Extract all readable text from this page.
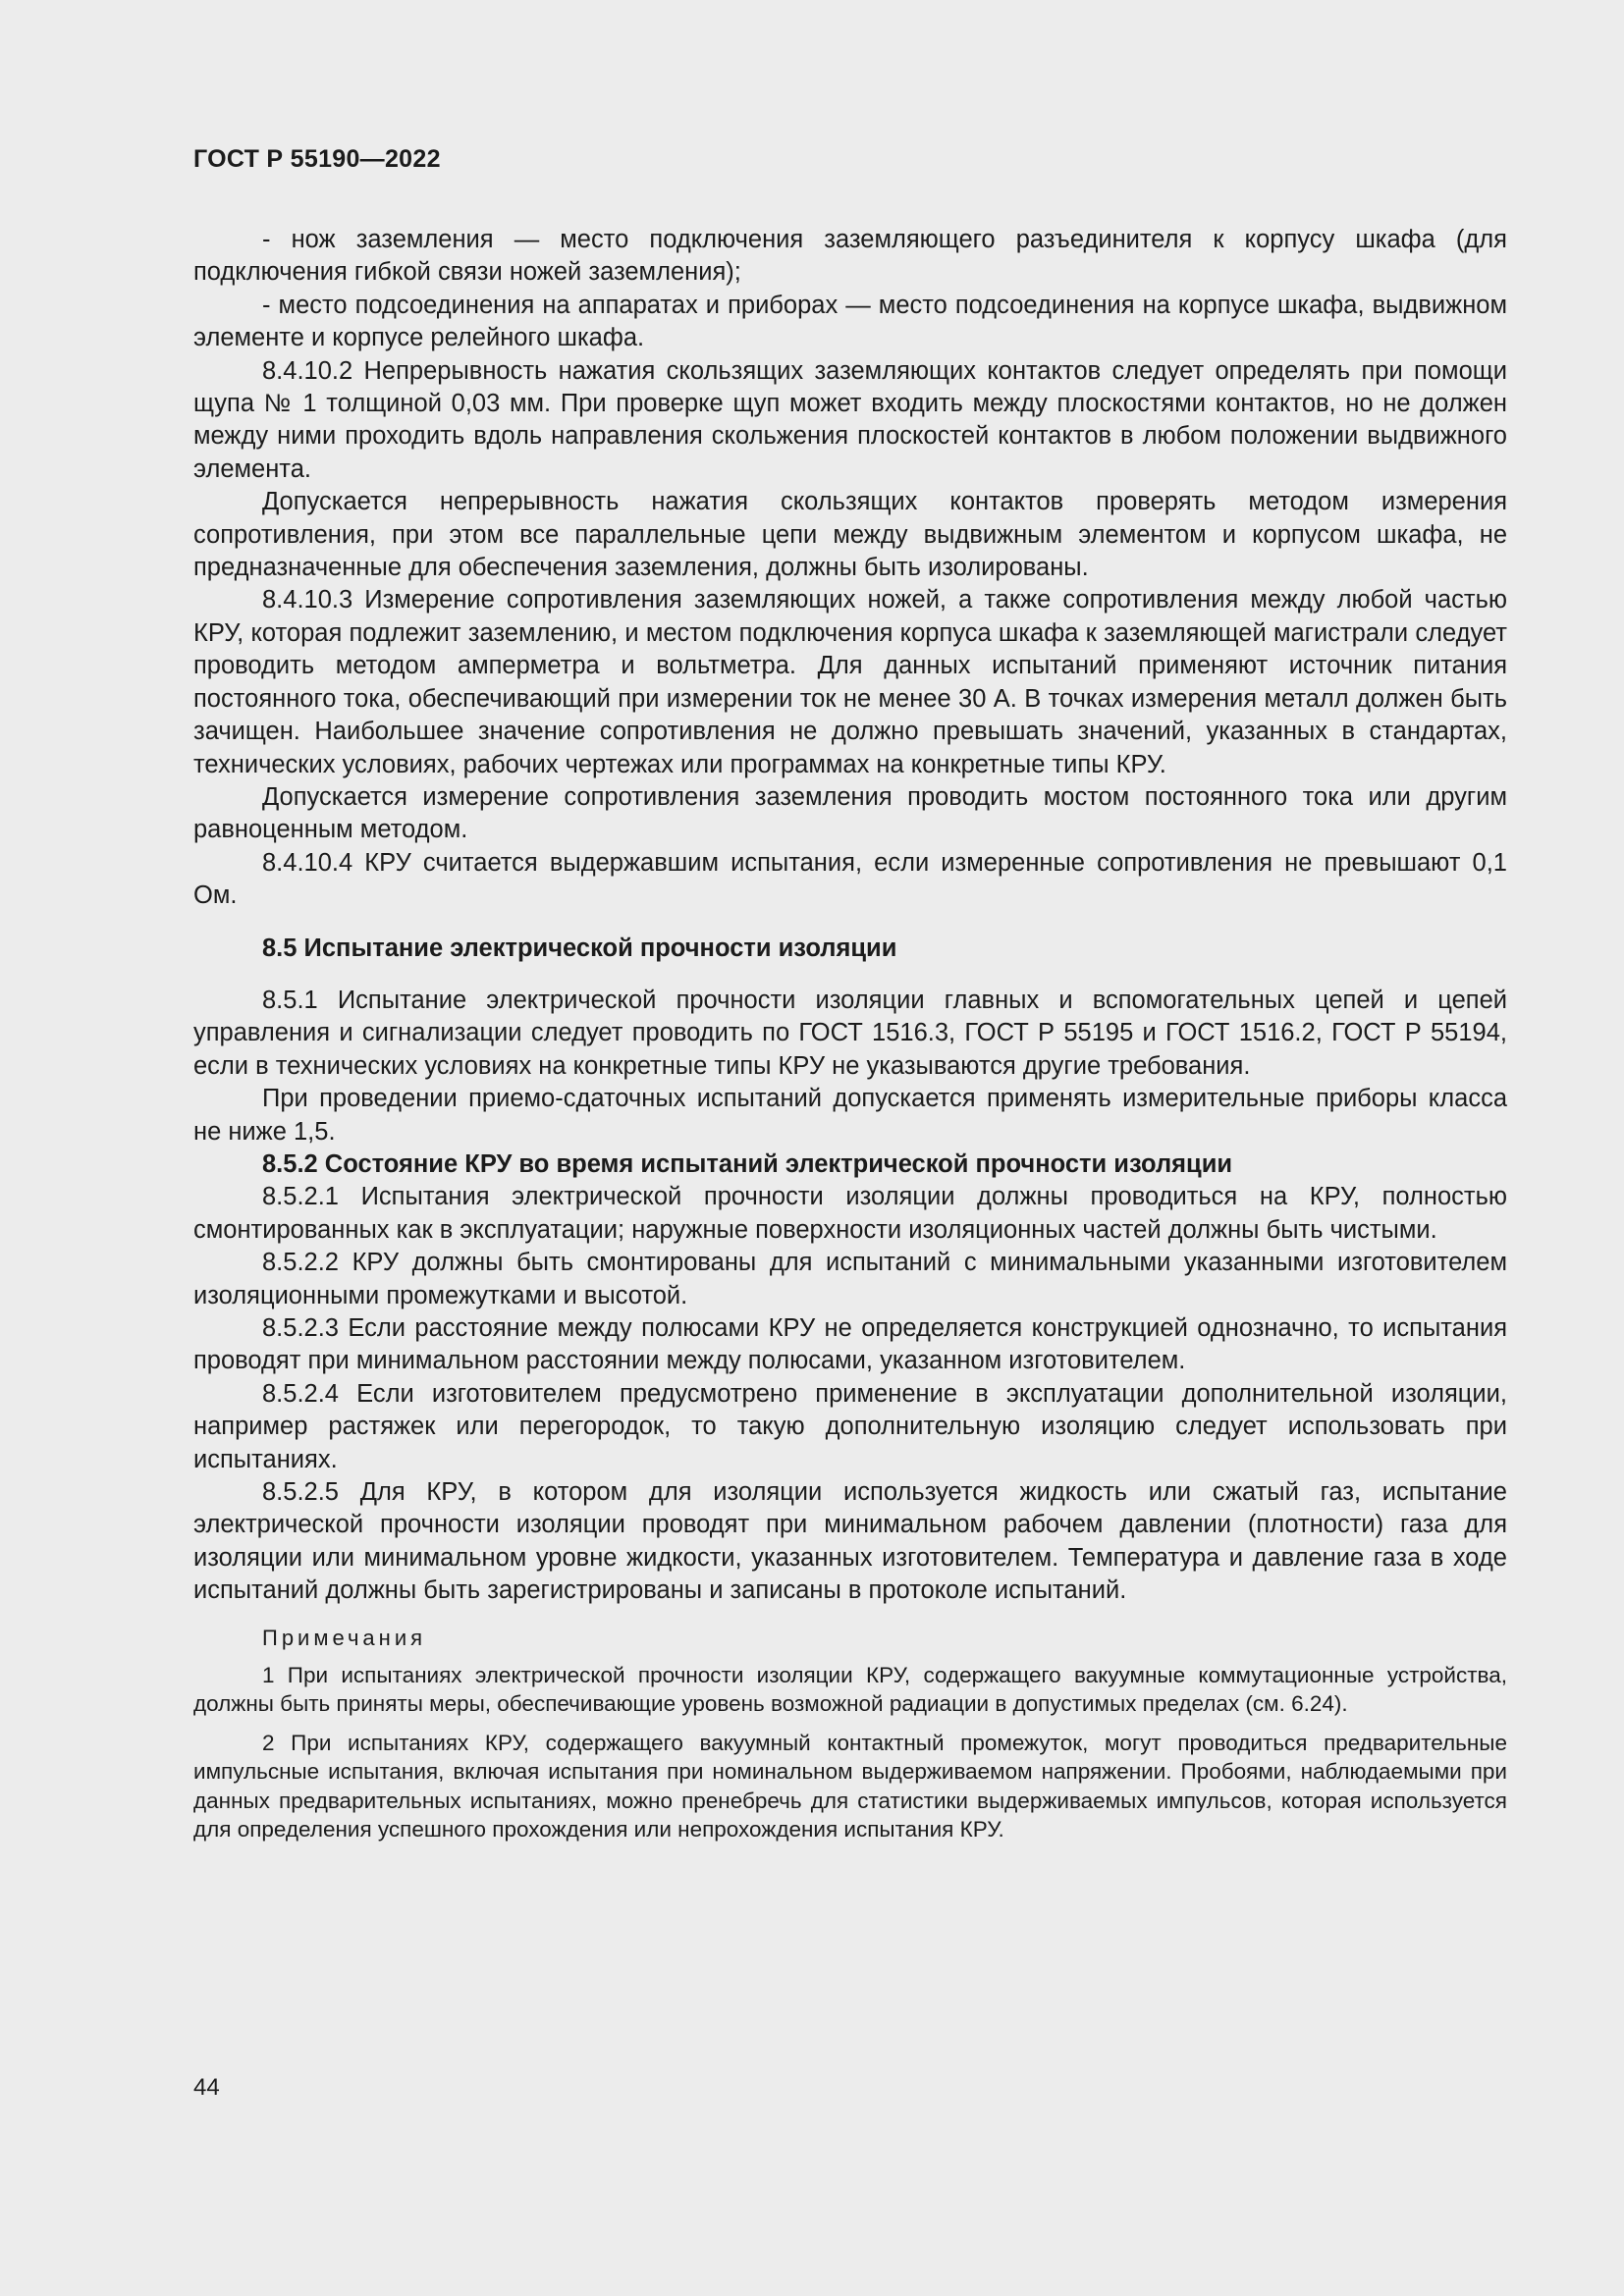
ГОСТ Р 55190—2022

- нож заземления — место подключения заземляющего разъединителя к корпусу шкафа (для подключения гибкой связи ножей заземления);

- место подсоединения на аппаратах и приборах — место подсоединения на корпусе шкафа, выдвижном элементе и корпусе релейного шкафа.

8.4.10.2 Непрерывность нажатия скользящих заземляющих контактов следует определять при помощи щупа № 1 толщиной 0,03 мм. При проверке щуп может входить между плоскостями контактов, но не должен между ними проходить вдоль направления скольжения плоскостей контактов в любом положении выдвижного элемента.

Допускается непрерывность нажатия скользящих контактов проверять методом измерения сопротивления, при этом все параллельные цепи между выдвижным элементом и корпусом шкафа, не предназначенные для обеспечения заземления, должны быть изолированы.

8.4.10.3 Измерение сопротивления заземляющих ножей, а также сопротивления между любой частью КРУ, которая подлежит заземлению, и местом подключения корпуса шкафа к заземляющей магистрали следует проводить методом амперметра и вольтметра. Для данных испытаний применяют источник питания постоянного тока, обеспечивающий при измерении ток не менее 30 А. В точках измерения металл должен быть зачищен. Наибольшее значение сопротивления не должно превышать значений, указанных в стандартах, технических условиях, рабочих чертежах или программах на конкретные типы КРУ.

Допускается измерение сопротивления заземления проводить мостом постоянного тока или другим равноценным методом.

8.4.10.4 КРУ считается выдержавшим испытания, если измеренные сопротивления не превышают 0,1 Ом.

8.5 Испытание электрической прочности изоляции

8.5.1 Испытание электрической прочности изоляции главных и вспомогательных цепей и цепей управления и сигнализации следует проводить по ГОСТ 1516.3, ГОСТ Р 55195 и ГОСТ 1516.2, ГОСТ Р 55194, если в технических условиях на конкретные типы КРУ не указываются другие требования.

При проведении приемо-сдаточных испытаний допускается применять измерительные приборы класса не ниже 1,5.

8.5.2 Состояние КРУ во время испытаний электрической прочности изоляции

8.5.2.1 Испытания электрической прочности изоляции должны проводиться на КРУ, полностью смонтированных как в эксплуатации; наружные поверхности изоляционных частей должны быть чистыми.

8.5.2.2 КРУ должны быть смонтированы для испытаний с минимальными указанными изготовителем изоляционными промежутками и высотой.

8.5.2.3 Если расстояние между полюсами КРУ не определяется конструкцией однозначно, то испытания проводят при минимальном расстоянии между полюсами, указанном изготовителем.

8.5.2.4 Если изготовителем предусмотрено применение в эксплуатации дополнительной изоляции, например растяжек или перегородок, то такую дополнительную изоляцию следует использовать при испытаниях.

8.5.2.5 Для КРУ, в котором для изоляции используется жидкость или сжатый газ, испытание электрической прочности изоляции проводят при минимальном рабочем давлении (плотности) газа для изоляции или минимальном уровне жидкости, указанных изготовителем. Температура и давление газа в ходе испытаний должны быть зарегистрированы и записаны в протоколе испытаний.

Примечания

1 При испытаниях электрической прочности изоляции КРУ, содержащего вакуумные коммутационные устройства, должны быть приняты меры, обеспечивающие уровень возможной радиации в допустимых пределах (см. 6.24).

2 При испытаниях КРУ, содержащего вакуумный контактный промежуток, могут проводиться предварительные импульсные испытания, включая испытания при номинальном выдерживаемом напряжении. Пробоями, наблюдаемыми при данных предварительных испытаниях, можно пренебречь для статистики выдерживаемых импульсов, которая используется для определения успешного прохождения или непрохождения испытания КРУ.

44
